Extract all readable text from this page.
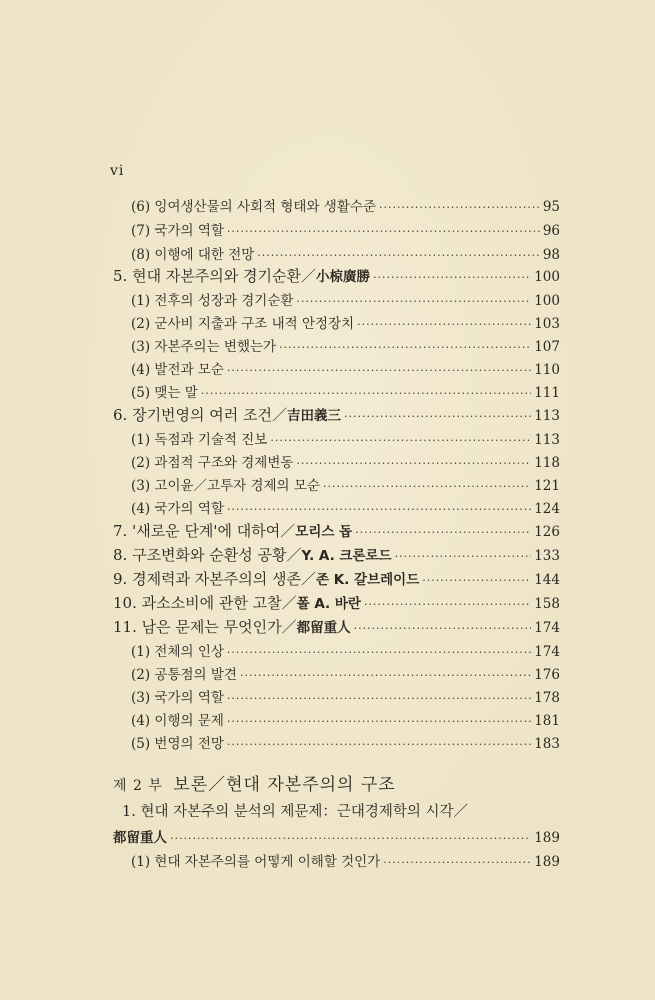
vi
(6) 잉여생산물의 사회적 형태와 생활수준 ·····	95
(7) 국가의 역할 ·····	96
(8) 이행에 대한 전망 ·····	98
5. 현대 자본주의와 경기순환／小椋廣勝 ·····	100
(1) 전후의 성장과 경기순환 ·····	100
(2) 군사비 지출과 구조 내적 안정장치 ·····	103
(3) 자본주의는 변했는가 ·····	107
(4) 발전과 모순 ·····	110
(5) 맺는 말 ·····	111
6. 장기번영의 여러 조건／吉田義三 ·····	113
(1) 독점과 기술적 진보 ·····	113
(2) 과점적 구조와 경제변동 ·····	118
(3) 고이윤／고투자 경제의 모순 ·····	121
(4) 국가의 역할 ·····	124
7. '새로운 단계'에 대하여／모리스 돕 ·····	126
8. 구조변화와 순환성 공황／Y. A. 크론로드 ·····	133
9. 경제력과 자본주의의 생존／존 K. 갈브레이드 ·····	144
10. 과소소비에 관한 고찰／폴 A. 바란 ·····	158
11. 남은 문제는 무엇인가／都留重人 ·····	174
(1) 전체의 인상 ·····	174
(2) 공통점의 발견 ·····	176
(3) 국가의 역할 ·····	178
(4) 이행의 문제 ·····	181
(5) 번영의 전망 ·····	183
제 2 부 보론／현대 자본주의의 구조
1. 현대 자본주의 분석의 제문제：근대경제학의 시각／
都留重人 ·····	189
(1) 현대 자본주의를 어떻게 이해할 것인가 ·····	189
